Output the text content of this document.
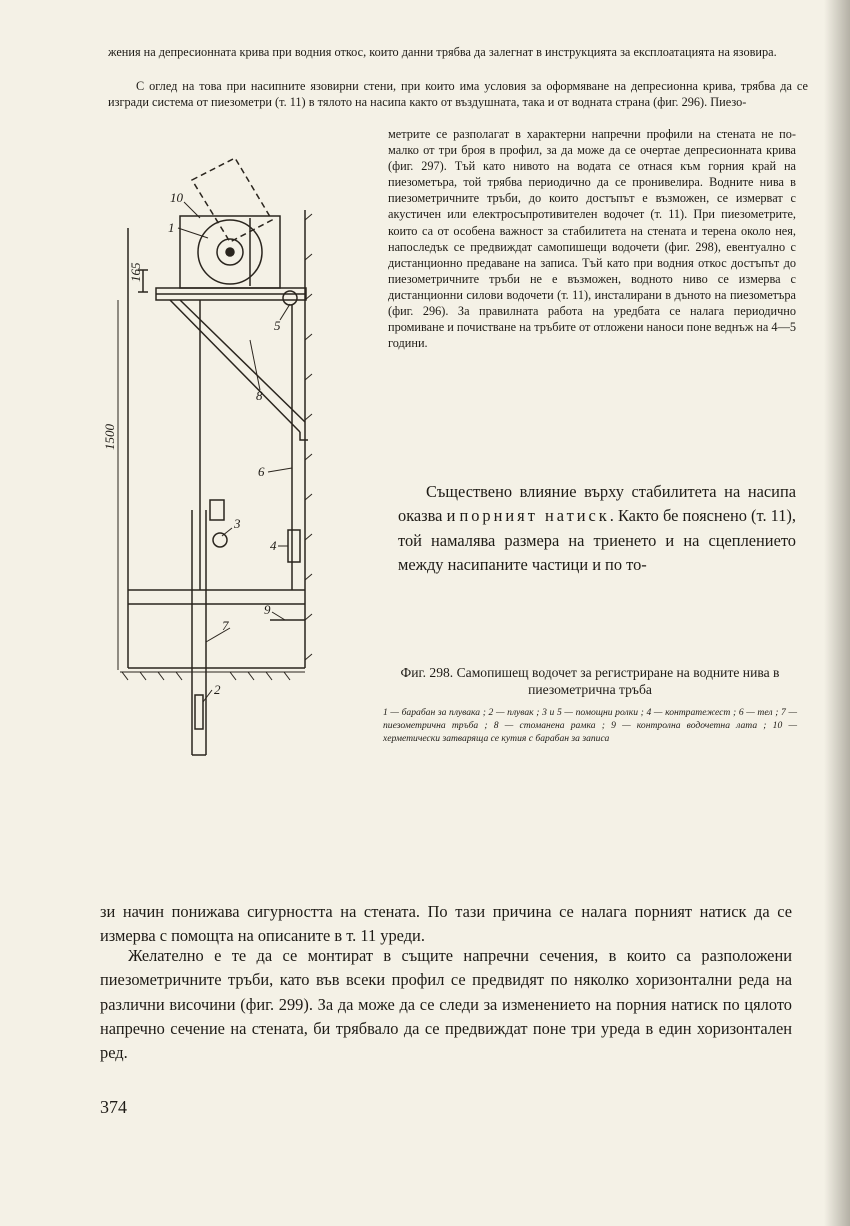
жения на депресионната крива при водния откос, които данни трябва да залегнат в инструкцията за експлоатацията на язовира.

С оглед на това при насипните язовирни стени, при които има условия за оформяване на депресионна крива, трябва да се изгради система от пиезометри (т. 11) в тялото на насипа както от въздушната, така и от водната страна (фиг. 296). Пиезо-

метрите се разполагат в характерни напречни профили на стената не по-малко от три броя в профил, за да може да се очертае депресионната крива (фиг. 297). Тъй като нивото на водата се отнася към горния край на пиезометъра, той трябва периодично да се пронивелира. Водните нива в пиезометричните тръби, до които достъпът е възможен, се измерват с акустичен или електросъпротивителен водочет (т. 11). При пиезометрите, които са от особена важност за стабилитета на стената и терена около нея, напоследък се предвиждат самопишещи водочети (фиг. 298), евентуално с дистанционно предаване на записа. Тъй като при водния откос достъпът до пиезометричните тръби не е възможен, водното ниво се измерва с дистанционни силови водочети (т. 11), инсталирани в дъното на пиезометъра (фиг. 296). За правилната работа на уредбата се налага периодично промиване и почистване на тръбите от отложени наноси поне веднъж на 4—5 години.

Съществено влияние върху стабилитета на насипа оказва и порният натиск. Както бе пояснено (т. 11), той намалява размера на триенето и на сцеплението между насипаните частици и по то-

10
1
8
5
6
3
4
9
7
2
165
1500
Фиг. 298. Самопишещ водочет за регистриране на водните нива в пиезометрична тръба
1 — барабан за плувака ; 2 — плувак ; 3 и 5 — помощни ролки ; 4 — контратежест ; 6 — тел ; 7 — пиезометрична тръба ; 8 — стоманена рамка ; 9 — контролна водочетна лата ; 10 — херметически затваряща се кутия с барабан за записа

зи начин понижава сигурността на стената. По тази причина се налага порният натиск да се измерва с помощта на описаните в т. 11 уреди.

Желателно е те да се монтират в същите напречни сечения, в които са разположени пиезометричните тръби, като във всеки профил се предвидят по няколко хоризонтални реда на различни височини (фиг. 299). За да може да се следи за изменението на порния натиск по цялото напречно сечение на стената, би трябвало да се предвиждат поне три уреда в един хоризонтален ред.

374
